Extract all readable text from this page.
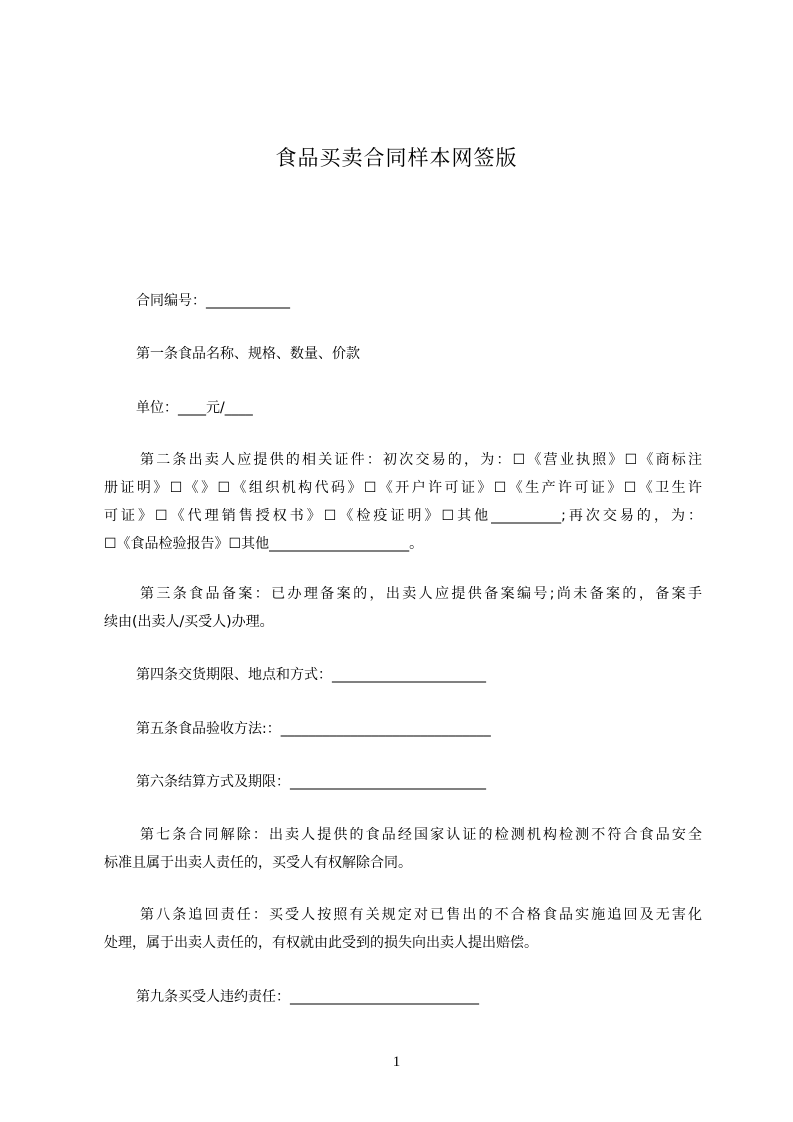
食品买卖合同样本网签版
合同编号：____________
第一条食品名称、规格、数量、价款
单位：____元/____
第二条出卖人应提供的相关证件：初次交易的，为：☐《营业执照》☐《商标注
册证明》☐《》☐《组织机构代码》☐《开户许可证》☐《生产许可证》☐《卫生许
可证》☐《代理销售授权书》☐《检疫证明》☐其他__________;再次交易的，为：
☐《食品检验报告》☐其他____________________。
第三条食品备案：已办理备案的，出卖人应提供备案编号;尚未备案的，备案手
续由(出卖人/买受人)办理。
第四条交货期限、地点和方式：______________________
第五条食品验收方法:：______________________________
第六条结算方式及期限：____________________________
第七条合同解除：出卖人提供的食品经国家认证的检测机构检测不符合食品安全
标准且属于出卖人责任的，买受人有权解除合同。
第八条追回责任：买受人按照有关规定对已售出的不合格食品实施追回及无害化
处理，属于出卖人责任的，有权就由此受到的损失向出卖人提出赔偿。
第九条买受人违约责任：___________________________
1
